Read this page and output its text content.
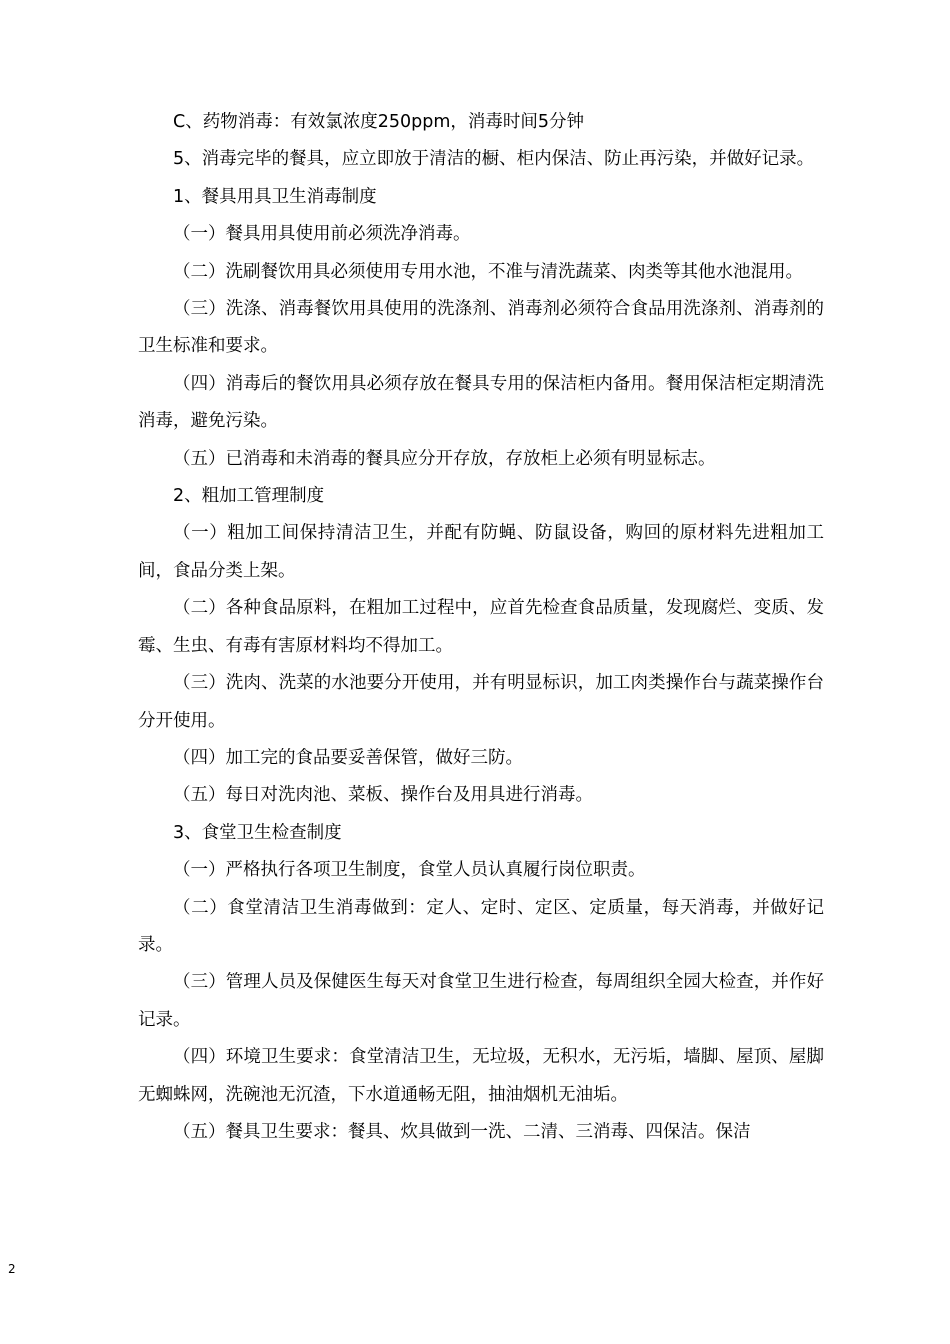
C、药物消毒：有效氯浓度250ppm，消毒时间5分钟

5、消毒完毕的餐具，应立即放于清洁的橱、柜内保洁、防止再污染，并做好记录。

1、餐具用具卫生消毒制度

（一）餐具用具使用前必须洗净消毒。

（二）洗刷餐饮用具必须使用专用水池，不准与清洗蔬菜、肉类等其他水池混用。

（三）洗涤、消毒餐饮用具使用的洗涤剂、消毒剂必须符合食品用洗涤剂、消毒剂的卫生标准和要求。

（四）消毒后的餐饮用具必须存放在餐具专用的保洁柜内备用。餐用保洁柜定期清洗消毒，避免污染。

（五）已消毒和未消毒的餐具应分开存放，存放柜上必须有明显标志。

2、粗加工管理制度

（一）粗加工间保持清洁卫生，并配有防蝇、防鼠设备，购回的原材料先进粗加工间，食品分类上架。

（二）各种食品原料，在粗加工过程中，应首先检查食品质量，发现腐烂、变质、发霉、生虫、有毒有害原材料均不得加工。

（三）洗肉、洗菜的水池要分开使用，并有明显标识，加工肉类操作台与蔬菜操作台分开使用。

（四）加工完的食品要妥善保管，做好三防。

（五）每日对洗肉池、菜板、操作台及用具进行消毒。

3、食堂卫生检查制度

（一）严格执行各项卫生制度，食堂人员认真履行岗位职责。

（二）食堂清洁卫生消毒做到：定人、定时、定区、定质量，每天消毒，并做好记录。

（三）管理人员及保健医生每天对食堂卫生进行检查，每周组织全园大检查，并作好记录。

（四）环境卫生要求：食堂清洁卫生，无垃圾，无积水，无污垢，墙脚、屋顶、屋脚无蜘蛛网，洗碗池无沉渣，下水道通畅无阻，抽油烟机无油垢。

（五）餐具卫生要求：餐具、炊具做到一洗、二清、三消毒、四保洁。保洁

2
